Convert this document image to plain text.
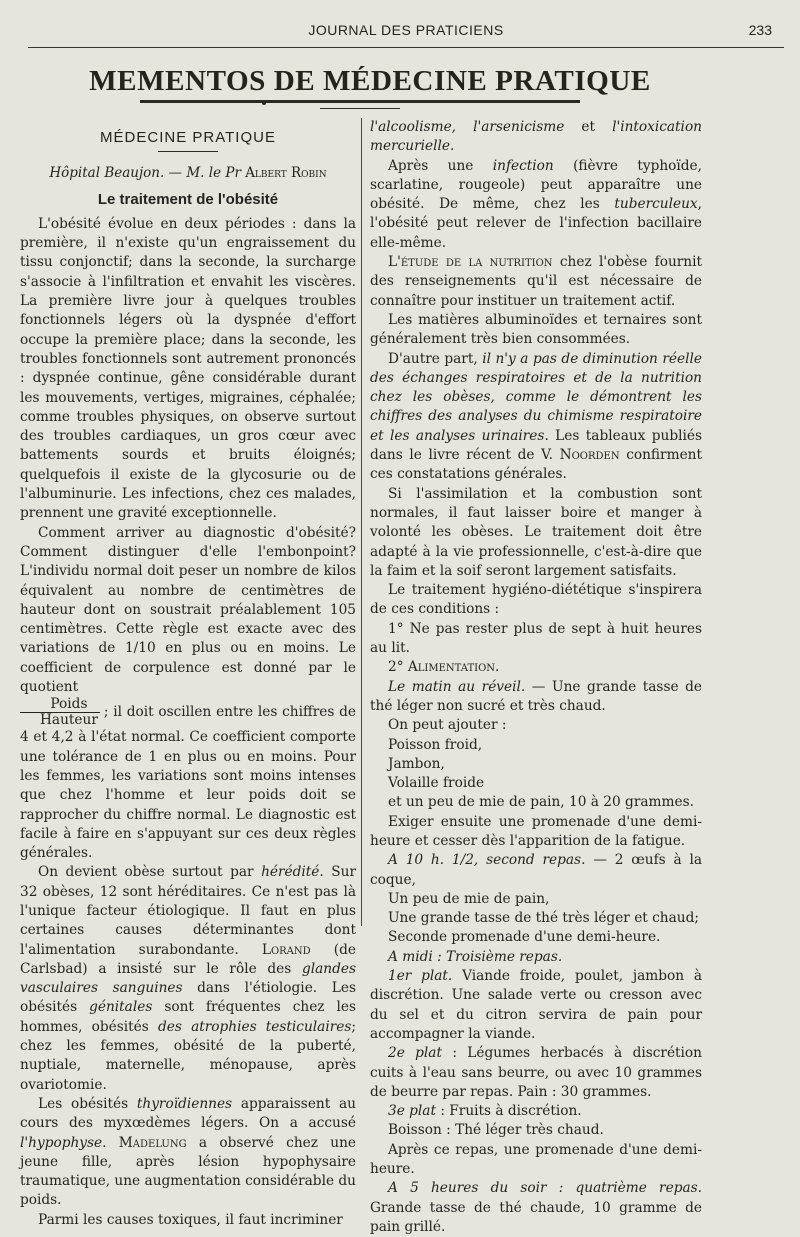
JOURNAL DES PRATICIENS	233
MEMENTOS DE MÉDECINE PRATIQUE
MÉDECINE PRATIQUE
Hôpital Beaujon. — M. le Pr Albert Robin
Le traitement de l'obésité

L'obésité évolue en deux périodes : dans la première, il n'existe qu'un engraissement du tissu conjonctif; dans la seconde, la surcharge s'associe à l'infiltration et envahit les viscères. La première livre jour à quelques troubles fonctionnels légers où la dyspnée d'effort occupe la première place; dans la seconde, les troubles fonctionnels sont autrement prononcés : dyspnée continue, gêne considérable durant les mouvements, vertiges, migraines, céphalée; comme troubles physiques, on observe surtout des troubles cardiaques, un gros cœur avec battements sourds et bruits éloignés; quelquefois il existe de la glycosurie ou de l'albuminurie. Les infections, chez ces malades, prennent une gravité exceptionnelle.

Comment arriver au diagnostic d'obésité? Comment distinguer d'elle l'embonpoint? L'individu normal doit peser un nombre de kilos équivalent au nombre de centimètres de hauteur dont on soustrait préalablement 105 centimètres. Cette règle est exacte avec des variations de 1/10 en plus ou en moins. Le coefficient de corpulence est donné par le quotient

$\frac{\text{Poids}}{\text{Hauteur}}$ ; il doit oscillen entre les chiffres de 4 et 4,2 à l'état normal. Ce coefficient comporte une tolérance de 1 en plus ou en moins. Pour les femmes, les variations sont moins intenses que chez l'homme et leur poids doit se rapprocher du chiffre normal. Le diagnostic est facile à faire en s'appuyant sur ces deux règles générales.

On devient obèse surtout par hérédité. Sur 32 obèses, 12 sont héréditaires. Ce n'est pas là l'unique facteur étiologique. Il faut en plus certaines causes déterminantes dont l'alimentation surabondante. Lorand (de Carlsbad) a insisté sur le rôle des glandes vasculaires sanguines dans l'étiologie. Les obésités génitales sont fréquentes chez les hommes, obésités des atrophies testiculaires; chez les femmes, obésité de la puberté, nuptiale, maternelle, ménopause, après ovariotomie.

Les obésités thyroïdiennes apparaissent au cours des myxœdèmes légers. On a accusé l'hypophyse. Madelung a observé chez une jeune fille, après lésion hypophysaire traumatique, une augmentation considérable du poids.

Parmi les causes toxiques, il faut incriminer

l'alcoolisme, l'arsenicisme et l'intoxication mercurielle.

Après une infection (fièvre typhoïde, scarlatine, rougeole) peut apparaître une obésité. De même, chez les tuberculeux, l'obésité peut relever de l'infection bacillaire elle-même.

L'étude de la nutrition chez l'obèse fournit des renseignements qu'il est nécessaire de connaître pour instituer un traitement actif.

Les matières albuminoïdes et ternaires sont généralement très bien consommées.

D'autre part, il n'y a pas de diminution réelle des échanges respiratoires et de la nutrition chez les obèses, comme le démontrent les chiffres des analyses du chimisme respiratoire et les analyses urinaires. Les tableaux publiés dans le livre récent de V. Noorden confirment ces constatations générales.

Si l'assimilation et la combustion sont normales, il faut laisser boire et manger à volonté les obèses. Le traitement doit être adapté à la vie professionnelle, c'est-à-dire que la faim et la soif seront largement satisfaits.

Le traitement hygiéno-diététique s'inspirera de ces conditions :

1° Ne pas rester plus de sept à huit heures au lit.

2° Alimentation.

Le matin au réveil. — Une grande tasse de thé léger non sucré et très chaud.

On peut ajouter :

Poisson froid,

Jambon,

Volaille froide

et un peu de mie de pain, 10 à 20 grammes.

Exiger ensuite une promenade d'une demi-heure et cesser dès l'apparition de la fatigue.

A 10 h. 1/2, second repas. — 2 œufs à la coque,

Un peu de mie de pain,

Une grande tasse de thé très léger et chaud;

Seconde promenade d'une demi-heure.

A midi : Troisième repas.

1er plat. Viande froide, poulet, jambon à discrétion. Une salade verte ou cresson avec du sel et du citron servira de pain pour accompagner la viande.

2e plat : Légumes herbacés à discrétion cuits à l'eau sans beurre, ou avec 10 grammes de beurre par repas. Pain : 30 grammes.

3e plat : Fruits à discrétion.

Boisson : Thé léger très chaud.

Après ce repas, une promenade d'une demi-heure.

A 5 heures du soir : quatrième repas. Grande tasse de thé chaude, 10 gramme de pain grillé.
